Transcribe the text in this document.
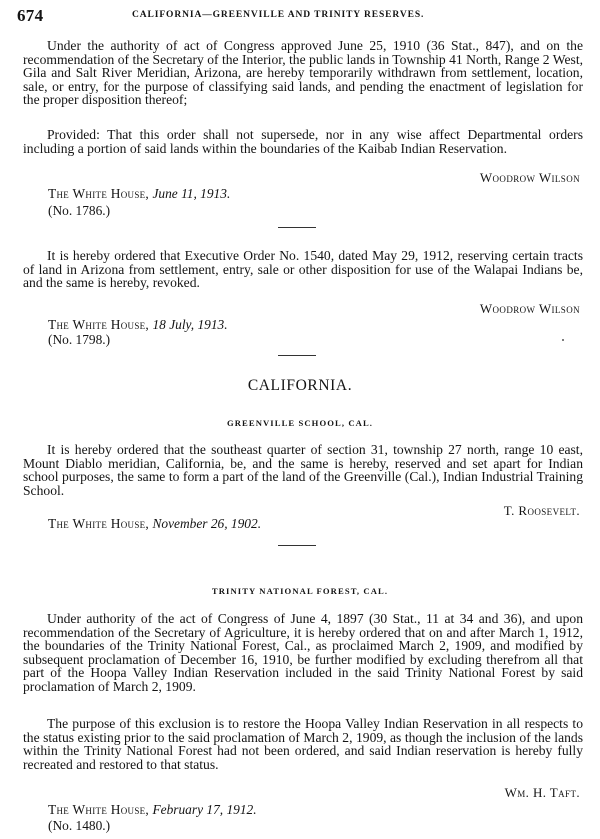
674	CALIFORNIA—GREENVILLE AND TRINITY RESERVES.

Under the authority of act of Congress approved June 25, 1910 (36 Stat., 847), and on the recommendation of the Secretary of the Interior, the public lands in Township 41 North, Range 2 West, Gila and Salt River Meridian, Arizona, are hereby temporarily withdrawn from settlement, location, sale, or entry, for the purpose of classifying said lands, and pending the enactment of legislation for the proper disposition thereof;

Provided: That this order shall not supersede, nor in any wise affect Departmental orders including a portion of said lands within the boundaries of the Kaibab Indian Reservation.

Woodrow Wilson
The White House, June 11, 1913.
(No. 1786.)

It is hereby ordered that Executive Order No. 1540, dated May 29, 1912, reserving certain tracts of land in Arizona from settlement, entry, sale or other disposition for use of the Walapai Indians be, and the same is hereby, revoked.

Woodrow Wilson
The White House, 18 July, 1913.
(No. 1798.)
CALIFORNIA.
GREENVILLE SCHOOL, CAL.

It is hereby ordered that the southeast quarter of section 31, township 27 north, range 10 east, Mount Diablo meridian, California, be, and the same is hereby, reserved and set apart for Indian school purposes, the same to form a part of the land of the Greenville (Cal.), Indian Industrial Training School.

T. Roosevelt.
The White House, November 26, 1902.
TRINITY NATIONAL FOREST, CAL.

Under authority of the act of Congress of June 4, 1897 (30 Stat., 11 at 34 and 36), and upon recommendation of the Secretary of Agriculture, it is hereby ordered that on and after March 1, 1912, the boundaries of the Trinity National Forest, Cal., as proclaimed March 2, 1909, and modified by subsequent proclamation of December 16, 1910, be further modified by excluding therefrom all that part of the Hoopa Valley Indian Reservation included in the said Trinity National Forest by said proclamation of March 2, 1909.

The purpose of this exclusion is to restore the Hoopa Valley Indian Reservation in all respects to the status existing prior to the said proclamation of March 2, 1909, as though the inclusion of the lands within the Trinity National Forest had not been ordered, and said Indian reservation is hereby fully recreated and restored to that status.

Wm. H. Taft.
The White House, February 17, 1912.
(No. 1480.)
